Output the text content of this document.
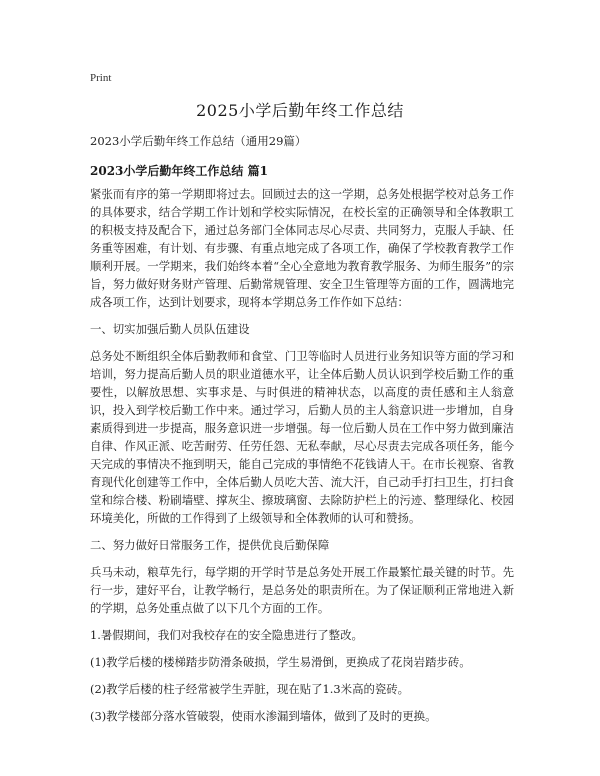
Print
2025小学后勤年终工作总结
2023小学后勤年终工作总结（通用29篇）
2023小学后勤年终工作总结 篇1

紧张而有序的第一学期即将过去。回顾过去的这一学期，总务处根据学校对总务工作的具体要求，结合学期工作计划和学校实际情况，在校长室的正确领导和全体教职工的积极支持及配合下，通过总务部门全体同志尽心尽责、共同努力，克服人手缺、任务重等困难，有计划、有步骤、有重点地完成了各项工作，确保了学校教育教学工作顺利开展。一学期来，我们始终本着“全心全意地为教育教学服务、为师生服务”的宗旨，努力做好财务财产管理、后勤常规管理、安全卫生管理等方面的工作，圆满地完成各项工作，达到计划要求，现将本学期总务工作作如下总结：

一、切实加强后勤人员队伍建设

总务处不断组织全体后勤教师和食堂、门卫等临时人员进行业务知识等方面的学习和培训，努力提高后勤人员的职业道德水平，让全体后勤人员认识到学校后勤工作的重要性，以解放思想、实事求是、与时俱进的精神状态，以高度的责任感和主人翁意识，投入到学校后勤工作中来。通过学习，后勤人员的主人翁意识进一步增加，自身素质得到进一步提高，服务意识进一步增强。每一位后勤人员在工作中努力做到廉洁自律、作风正派、吃苦耐劳、任劳任怨、无私奉献，尽心尽责去完成各项任务，能今天完成的事情决不拖到明天，能自己完成的事情绝不花钱请人干。在市长视察、省教育现代化创建等工作中，全体后勤人员吃大苦、流大汗，自己动手打扫卫生，打扫食堂和综合楼、粉刷墙壁、撑灰尘、擦玻璃窗、去除防护栏上的污迹、整理绿化、校园环境美化，所做的工作得到了上级领导和全体教师的认可和赞扬。

二、努力做好日常服务工作，提供优良后勤保障

兵马未动，粮草先行，每学期的开学时节是总务处开展工作最繁忙最关键的时节。先行一步，建好平台，让教学畅行，是总务处的职责所在。为了保证顺利正常地进入新的学期，总务处重点做了以下几个方面的工作。

1.暑假期间，我们对我校存在的安全隐患进行了整改。

(1)教学后楼的楼梯踏步防滑条破损，学生易滑倒，更换成了花岗岩踏步砖。

(2)教学后楼的柱子经常被学生弄脏，现在贴了1.3米高的瓷砖。

(3)教学楼部分落水管破裂，使雨水渗漏到墙体，做到了及时的更换。
